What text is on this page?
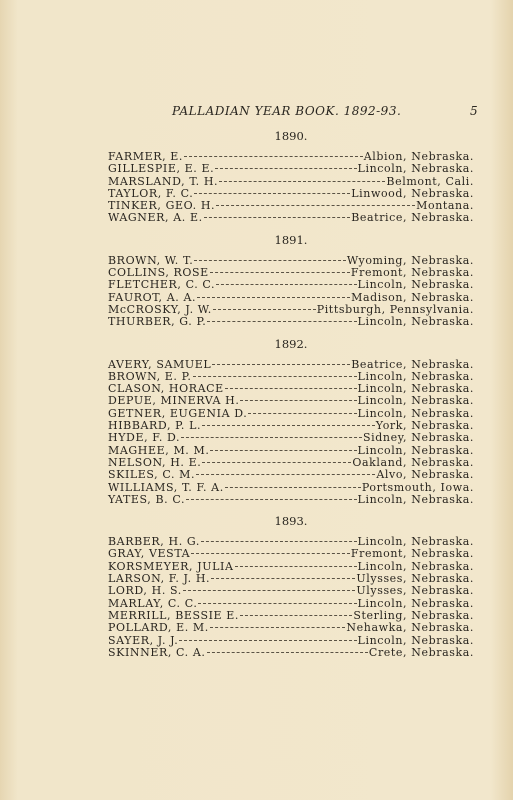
PALLADIAN YEAR BOOK. 1892-93.	5
1890.
FARMER, E.	Albion, Nebraska.
GILLESPIE, E. E.	Lincoln, Nebraska.
MARSLAND, T. H.	Belmont, Cali.
TAYLOR, F. C.	Linwood, Nebraska.
TINKER, GEO. H.	Montana.
WAGNER, A. E.	Beatrice, Nebraska.
1891.
BROWN, W. T.	Wyoming, Nebraska.
COLLINS, ROSE	Fremont, Nebraska.
FLETCHER, C. C.	Lincoln, Nebraska.
FAUROT, A. A.	Madison, Nebraska.
McCROSKY, J. W.	Pittsburgh, Pennsylvania.
THURBER, G. P.	Lincoln, Nebraska.
1892.
AVERY, SAMUEL	Beatrice, Nebraska.
BROWN, E. P.	Lincoln, Nebraska.
CLASON, HORACE	Lincoln, Nebraska.
DEPUE, MINERVA H.	Lincoln, Nebraska.
GETNER, EUGENIA D.	Lincoln, Nebraska.
HIBBARD, P. L.	York, Nebraska.
HYDE, F. D.	Sidney, Nebraska.
MAGHEE, M. M.	Lincoln, Nebraska.
NELSON, H. E.	Oakland, Nebraska.
SKILES, C. M.	Alvo, Nebraska.
WILLIAMS, T. F. A.	Portsmouth, Iowa.
YATES, B. C.	Lincoln, Nebraska.
1893.
BARBER, H. G.	Lincoln, Nebraska.
GRAY, VESTA	Fremont, Nebraska.
KORSMEYER, JULIA	Lincoln, Nebraska.
LARSON, F. J. H.	Ulysses, Nebraska.
LORD, H. S.	Ulysses, Nebraska.
MARLAY, C. C.	Lincoln, Nebraska.
MERRILL, BESSIE E.	Sterling, Nebraska.
POLLARD, E. M.	Nehawka, Nebraska.
SAYER, J. J.	Lincoln, Nebraska.
SKINNER, C. A.	Crete, Nebraska.
